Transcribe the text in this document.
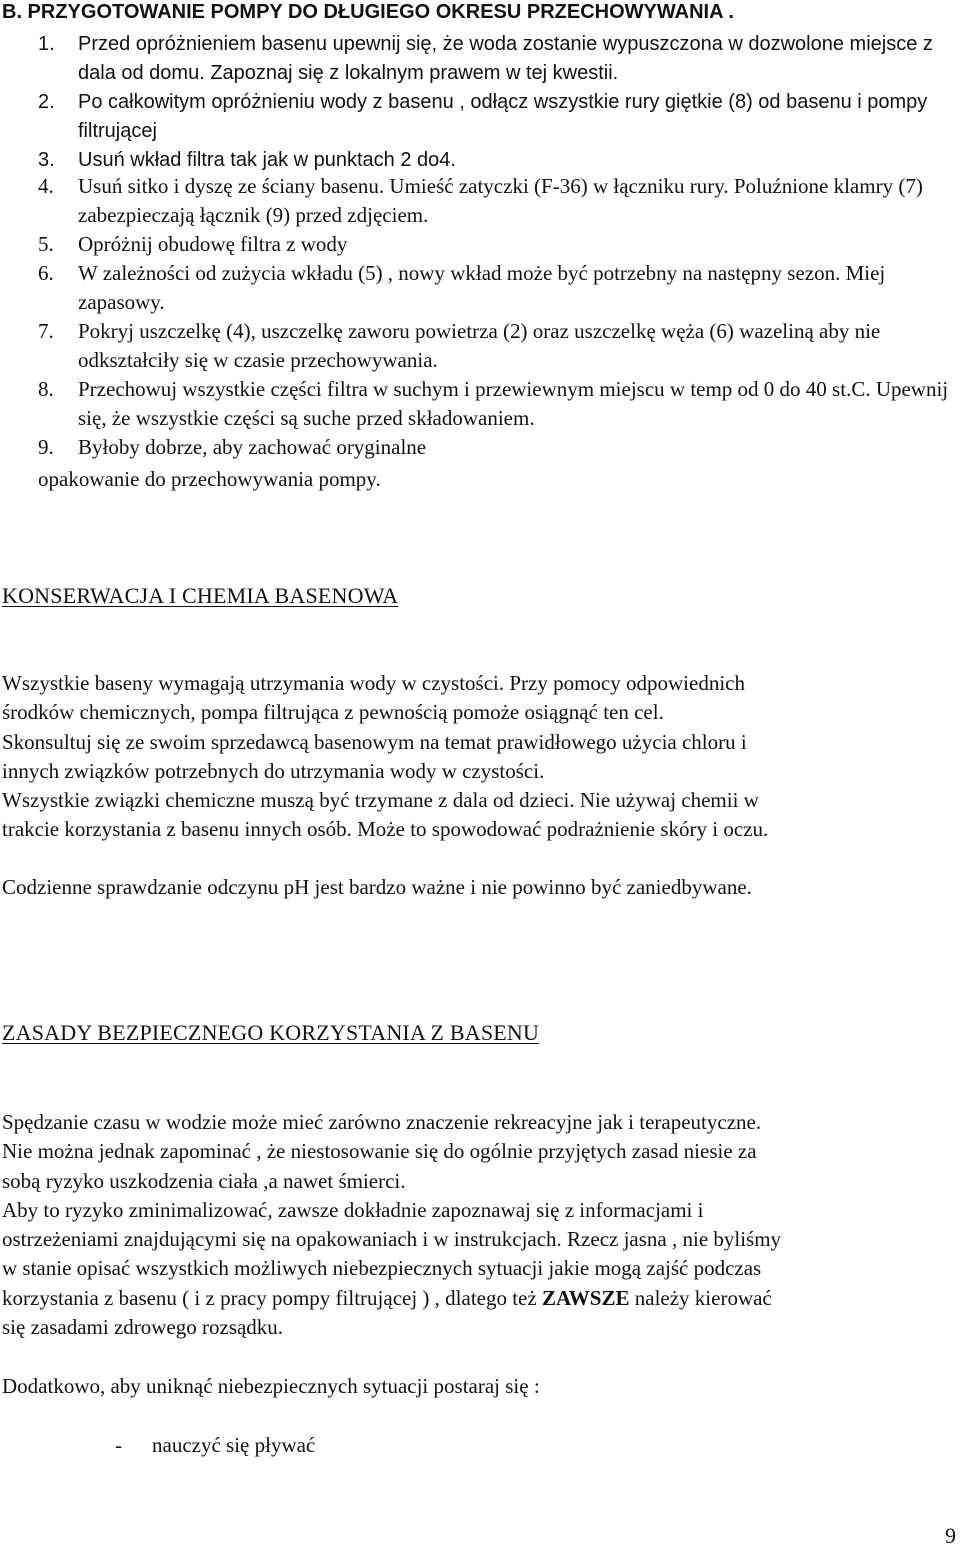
B. PRZYGOTOWANIE POMPY DO DŁUGIEGO OKRESU PRZECHOWYWANIA .
1. Przed opróżnieniem basenu upewnij się, że woda zostanie wypuszczona w dozwolone miejsce z dala od domu. Zapoznaj się z lokalnym prawem w tej kwestii.
2. Po całkowitym opróżnieniu wody z basenu , odłącz wszystkie rury giętkie (8) od basenu i pompy filtrującej
3. Usuń wkład filtra tak jak w punktach 2 do4.
4. Usuń sitko i dyszę ze ściany basenu. Umieść zatyczki (F-36) w łączniku rury. Poluźnione klamry (7) zabezpieczają łącznik (9) przed zdjęciem.
5. Opróżnij obudowę filtra z wody
6. W zależności od zużycia wkładu (5) , nowy wkład może być potrzebny na następny sezon. Miej zapasowy.
7. Pokryj uszczelkę (4), uszczelkę zaworu powietrza (2) oraz uszczelkę węża (6) wazeliną aby nie odkształciły się w czasie przechowywania.
8. Przechowuj wszystkie części filtra w suchym i przewiewnym miejscu w temp od 0 do 40 st.C. Upewnij się, że wszystkie części są suche przed składowaniem.
9. Byłoby dobrze, aby zachować oryginalne

opakowanie do przechowywania pompy.

KONSERWACJA I CHEMIA BASENOWA
Wszystkie baseny wymagają utrzymania wody w czystości. Przy pomocy odpowiednich
środków chemicznych, pompa filtrująca z pewnością pomoże osiągnąć ten cel.
Skonsultuj się ze swoim sprzedawcą basenowym na temat prawidłowego użycia chloru i
innych związków potrzebnych do utrzymania wody w czystości.
Wszystkie związki chemiczne muszą być trzymane z dala od dzieci. Nie używaj chemii w
trakcie korzystania z basenu innych osób. Może to spowodować podrażnienie skóry i oczu.

Codzienne sprawdzanie odczynu pH jest bardzo ważne i nie powinno być zaniedbywane.

ZASADY BEZPIECZNEGO KORZYSTANIA Z BASENU
Spędzanie czasu w wodzie może mieć zarówno znaczenie rekreacyjne jak i terapeutyczne.
Nie można jednak zapominać , że niestosowanie się do ogólnie przyjętych zasad niesie za
sobą ryzyko uszkodzenia ciała ,a nawet śmierci.
Aby to ryzyko zminimalizować, zawsze dokładnie zapoznawaj się z informacjami i
ostrzeżeniami znajdującymi się na opakowaniach i w instrukcjach. Rzecz jasna , nie byliśmy
w stanie opisać wszystkich możliwych niebezpiecznych sytuacji jakie mogą zajść podczas
korzystania z basenu ( i z pracy pompy filtrującej ) , dlatego też ZAWSZE należy kierować
się zasadami zdrowego rozsądku.

Dodatkowo, aby uniknąć niebezpiecznych sytuacji postaraj się :

- nauczyć się pływać

9
